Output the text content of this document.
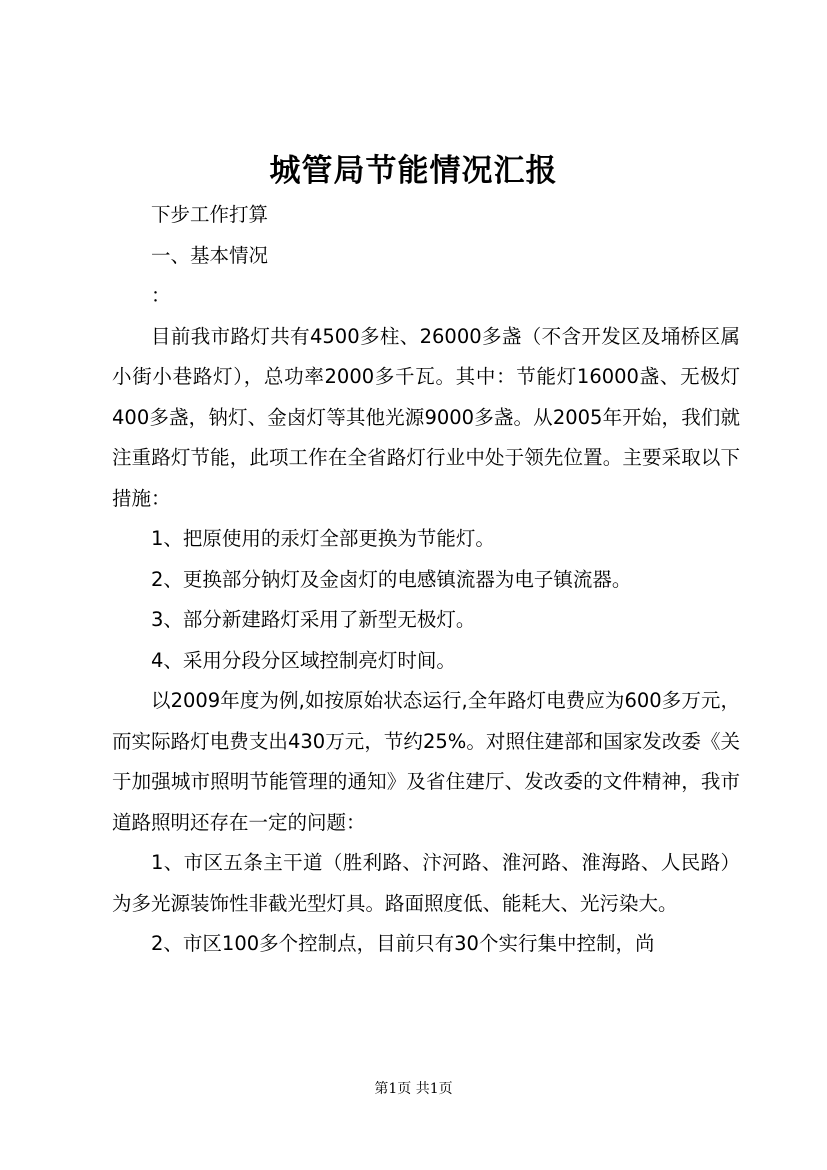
城管局节能情况汇报

下步工作打算

一、基本情况

：

目前我市路灯共有4500多柱、26000多盏（不含开发区及埇桥区属小街小巷路灯），总功率2000多千瓦。其中：节能灯16000盏、无极灯400多盏，钠灯、金卤灯等其他光源9000多盏。从2005年开始，我们就注重路灯节能，此项工作在全省路灯行业中处于领先位置。主要采取以下措施：

1、把原使用的汞灯全部更换为节能灯。

2、更换部分钠灯及金卤灯的电感镇流器为电子镇流器。

3、部分新建路灯采用了新型无极灯。

4、采用分段分区域控制亮灯时间。

以2009年度为例,如按原始状态运行,全年路灯电费应为600多万元，而实际路灯电费支出430万元，节约25%。对照住建部和国家发改委《关于加强城市照明节能管理的通知》及省住建厅、发改委的文件精神，我市道路照明还存在一定的问题：

1、市区五条主干道（胜利路、汴河路、淮河路、淮海路、人民路）为多光源装饰性非截光型灯具。路面照度低、能耗大、光污染大。

2、市区100多个控制点，目前只有30个实行集中控制，尚

第1页 共1页
